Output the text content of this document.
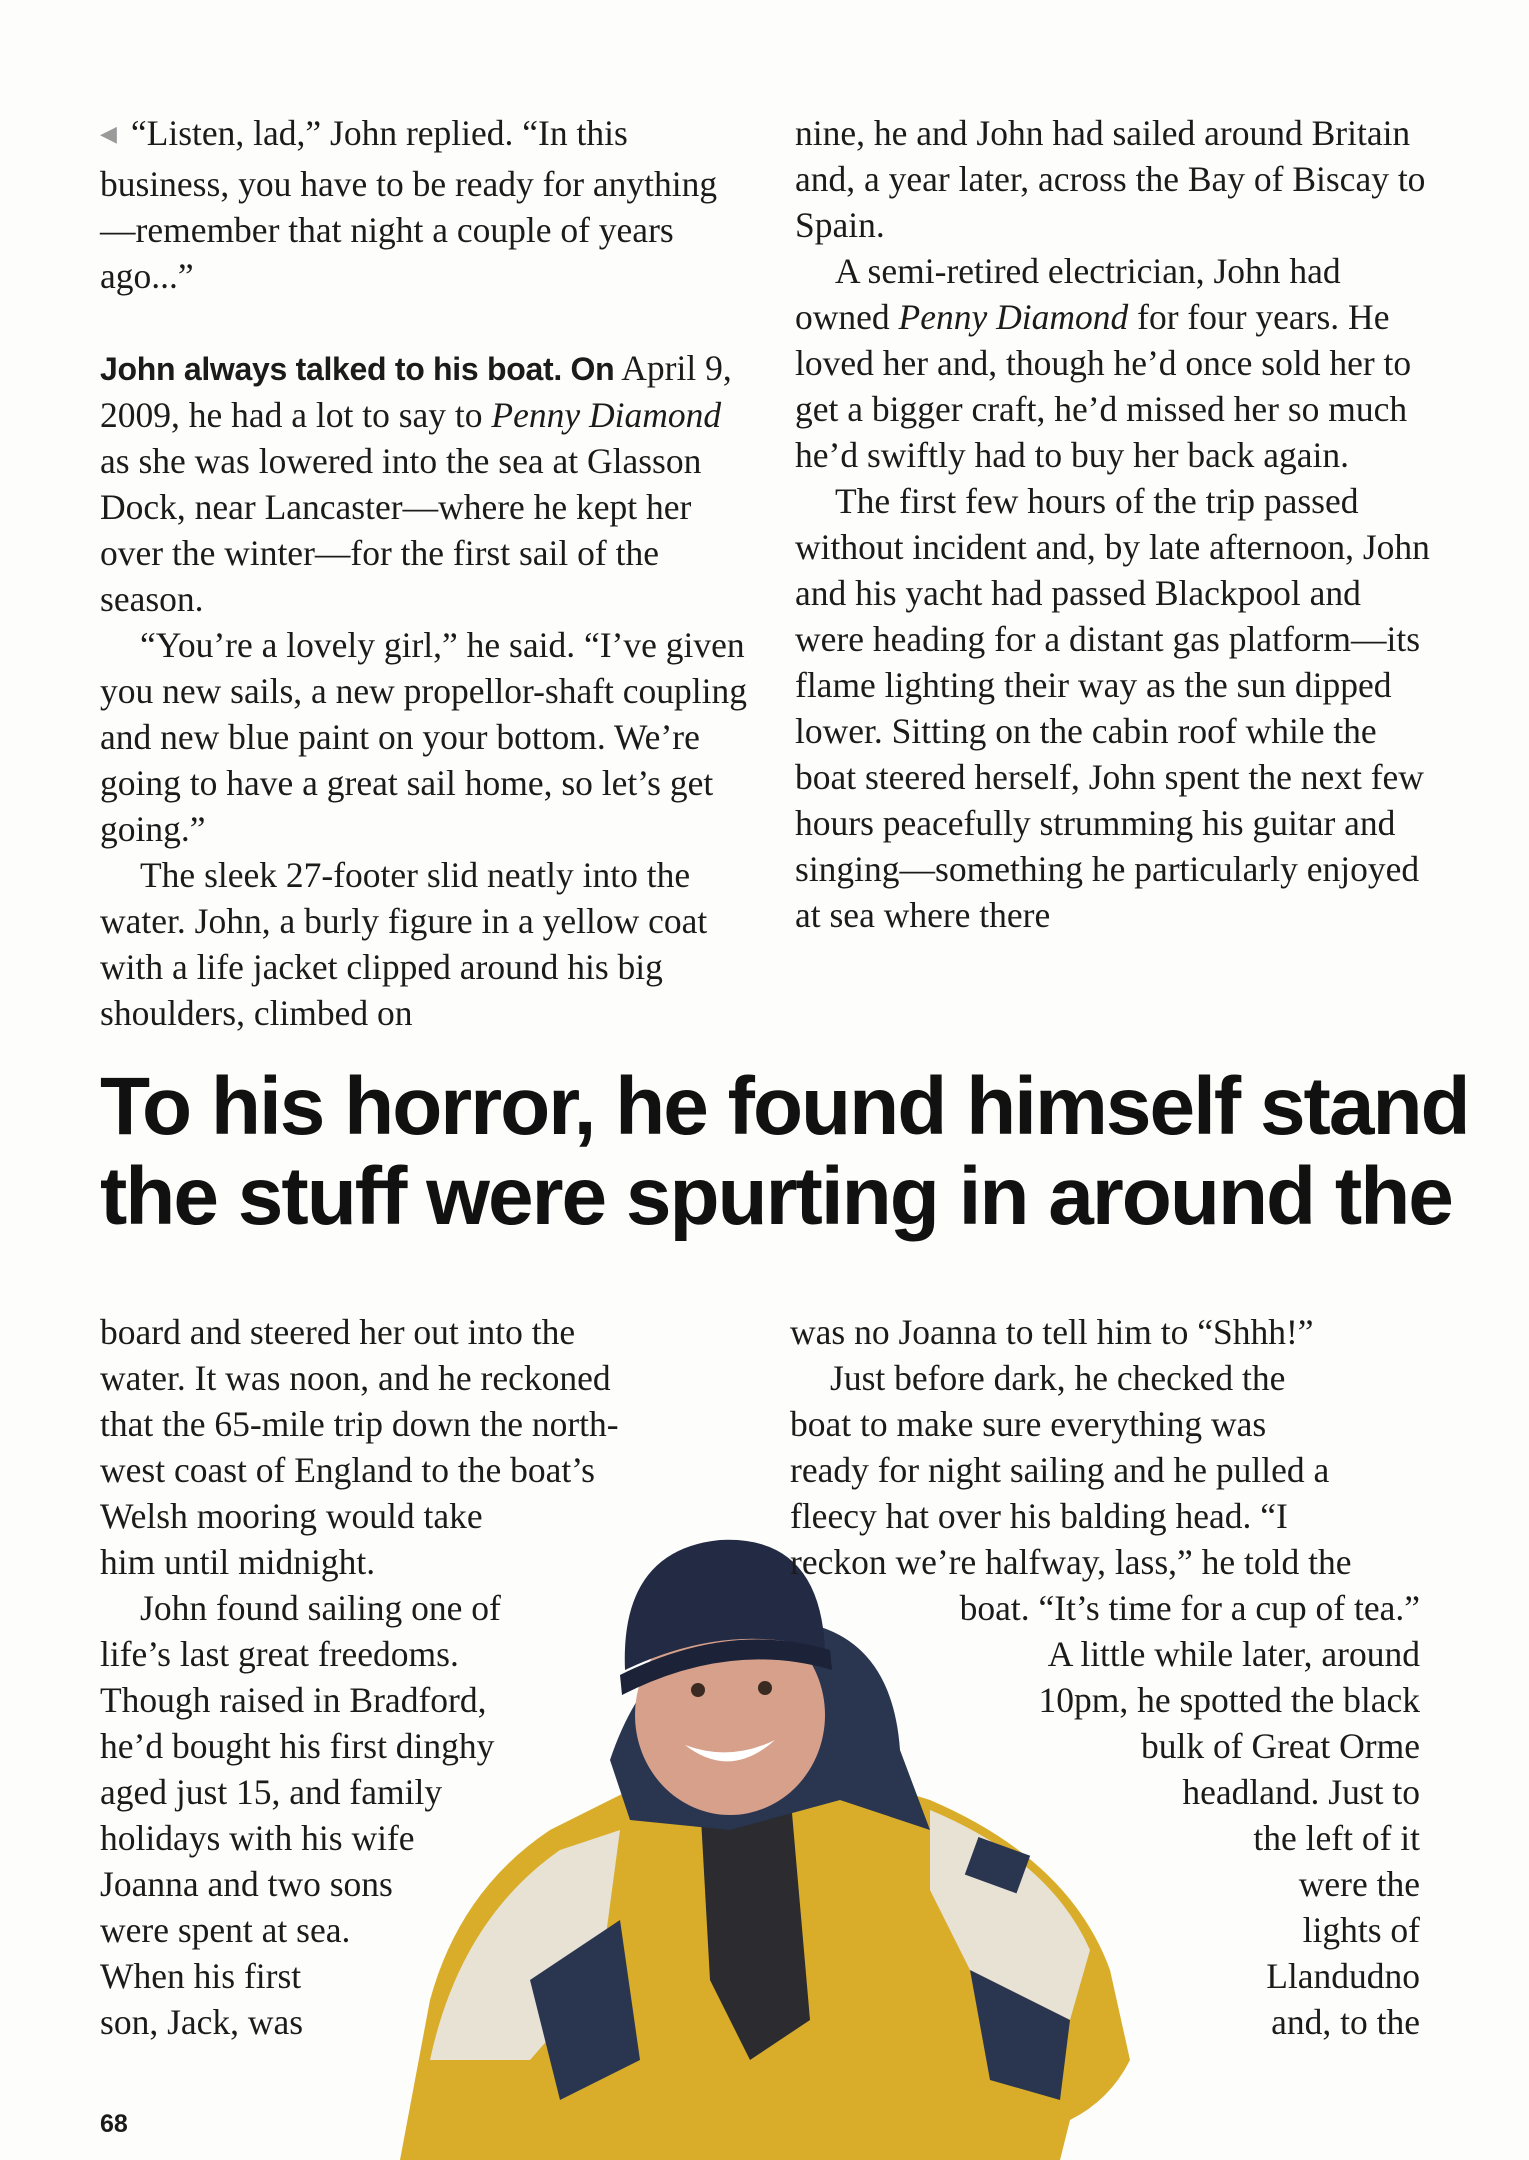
◀ “Listen, lad,” John replied. “In this business, you have to be ready for anything—remember that night a couple of years ago...”

John always talked to his boat. On April 9, 2009, he had a lot to say to Penny Diamond as she was lowered into the sea at Glasson Dock, near Lancaster—where he kept her over the winter—for the first sail of the season.

“You’re a lovely girl,” he said. “I’ve given you new sails, a new propellor-shaft coupling and new blue paint on your bottom. We’re going to have a great sail home, so let’s get going.”

The sleek 27-footer slid neatly into the water. John, a burly figure in a yellow coat with a life jacket clipped around his big shoulders, climbed on

nine, he and John had sailed around Britain and, a year later, across the Bay of Biscay to Spain.

A semi-retired electrician, John had owned Penny Diamond for four years. He loved her and, though he’d once sold her to get a bigger craft, he’d missed her so much he’d swiftly had to buy her back again.

The first few hours of the trip passed without incident and, by late afternoon, John and his yacht had passed Blackpool and were heading for a distant gas platform—its flame lighting their way as the sun dipped lower. Sitting on the cabin roof while the boat steered herself, John spent the next few hours peacefully strumming his guitar and singing—something he particularly enjoyed at sea where there

To his horror, he found himself stand
the stuff were spurting in around the
board and steered her out into the
water. It was noon, and he reckoned
that the 65-mile trip down the north-
west coast of England to the boat’s
Welsh mooring would take
him until midnight.
John found sailing one of
life’s last great freedoms.
Though raised in Bradford,
he’d bought his first dinghy
aged just 15, and family
holidays with his wife
Joanna and two sons
were spent at sea.
When his first
son, Jack, was
was no Joanna to tell him to “Shhh!”
Just before dark, he checked the
boat to make sure everything was
ready for night sailing and he pulled a
fleecy hat over his balding head. “I
reckon we’re halfway, lass,” he told the
boat. “It’s time for a cup of tea.”
A little while later, around
10pm, he spotted the black
bulk of Great Orme
headland. Just to
the left of it
were the
lights of
Llandudno
and, to the
68
